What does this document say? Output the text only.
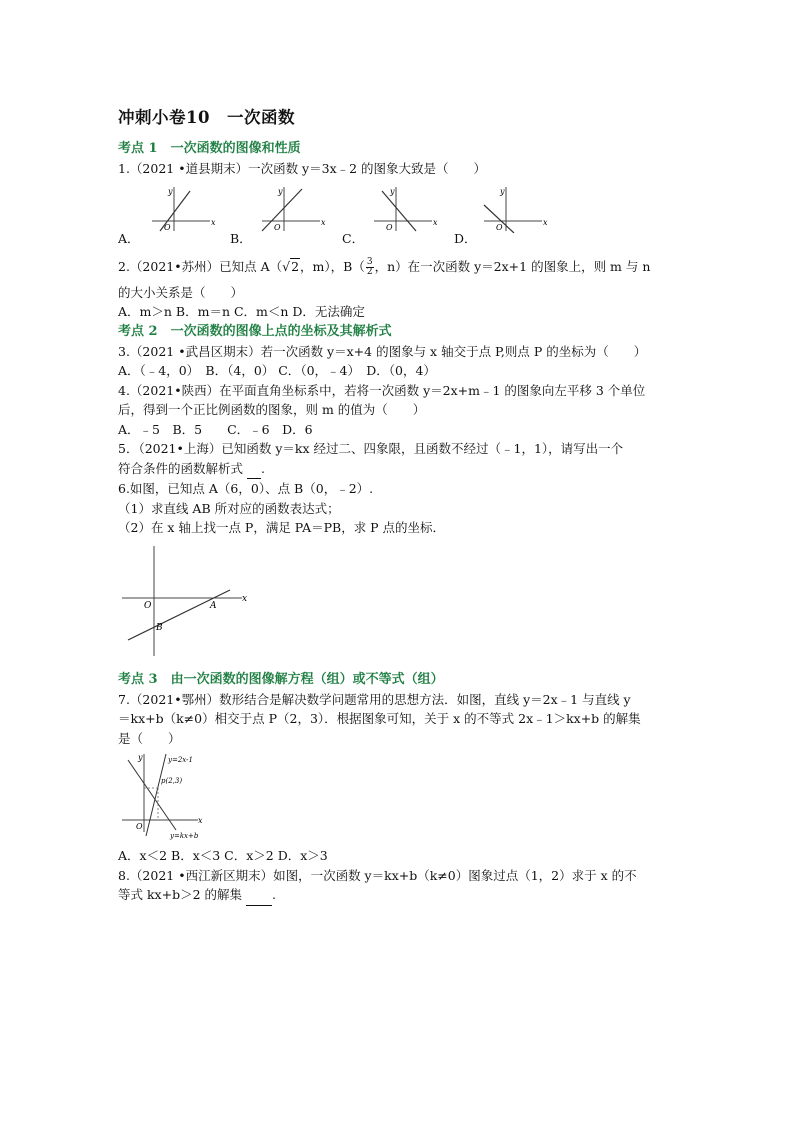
冲刺小卷10　一次函数
考点 1　一次函数的图像和性质
1.（2021 •道县期末）一次函数 y＝3x﹣2 的图象大致是（　　）
y
x
O
A．
y
x
O
B．
y
x
O
C．
y
x
O
D．
2.（2021•苏州）已知点 A（√2，m），$B( \frac{3}{2}$ ，n）在一次函数 y＝2x+1 的图象上，则 m 与 n
的大小关系是（　　）
A．m＞n B．m＝n C．m＜n D．无法确定
考点 2　一次函数的图像上点的坐标及其解析式
3.（2021 •武昌区期末）若一次函数 y＝x+4 的图象与 x 轴交于点 P,则点 P 的坐标为（　　）
A．（﹣4，0）　B．（4，0） C．（0，﹣4）　D．（0，4）
4.（2021•陕西）在平面直角坐标系中，若将一次函数 y＝2x+m﹣1 的图象向左平移 3 个单位
后，得到一个正比例函数的图象，则 m 的值为（　　）
A．﹣5　B．5　　C．﹣6　D．6
5．（2021•上海）已知函数 y＝kx 经过二、四象限，且函数不经过（﹣1，1），请写出一个
符合条件的函数解析式 .
6.如图，已知点 A（6，0）、点 B（0，﹣2）.
（1）求直线 AB 所对应的函数表达式；
（2）在 x 轴上找一点 P，满足 PA＝PB，求 P 点的坐标．
O	A
B
x
考点 3　由一次函数的图像解方程（组）或不等式（组）
7.（2021•鄂州）数形结合是解决数学问题常用的思想方法．如图，直线 y＝2x﹣1 与直线 y
＝kx+b（k≠0）相交于点 P（2，3）．根据图象可知，关于 x 的不等式 2x﹣1＞kx+b 的解集
是（　　）
O
y
x
y=2x-1
p(2,3)
y=kx+b
A．x＜2 B．x＜3 C．x＞2 D．x＞3
8.（2021 •西江新区期末）如图，一次函数 y＝kx+b（k≠0）图象过点（1，2）求于 x 的不
等式 kx+b＞2 的解集 .
